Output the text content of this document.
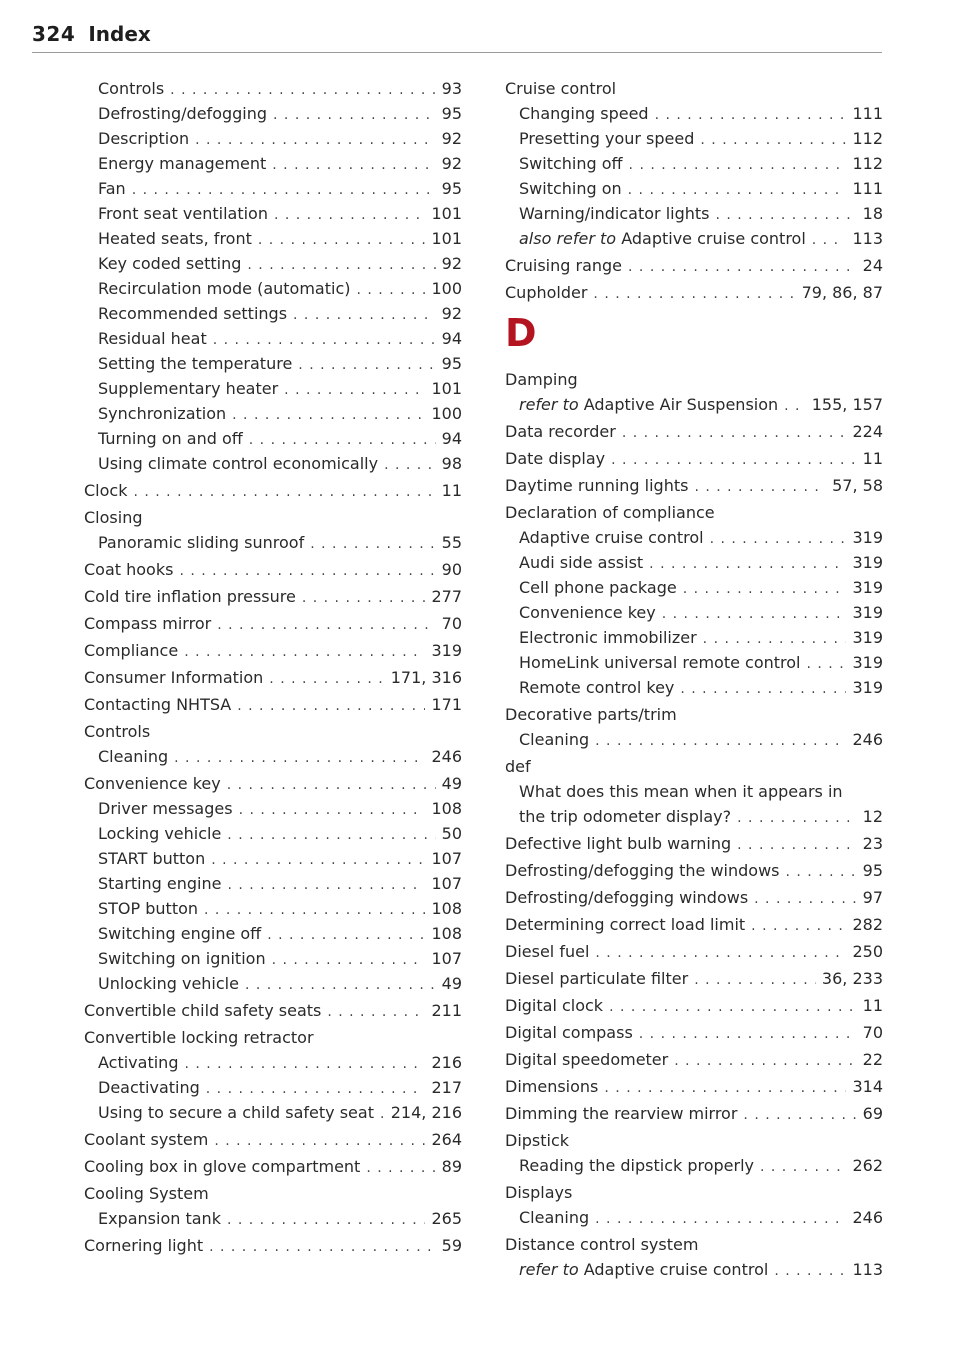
324 Index
Controls . . .	93
Defrosting/defogging . . .	95
Description . . .	92
Energy management . . .	92
Fan . . .	95
Front seat ventilation . . .	101
Heated seats, front . . .	101
Key coded setting . . .	92
Recirculation mode (automatic) . . .	100
Recommended settings . . .	92
Residual heat . . .	94
Setting the temperature . . .	95
Supplementary heater . . .	101
Synchronization . . .	100
Turning on and off . . .	94
Using climate control economically . . .	98
Clock . . .	11
Closing
Panoramic sliding sunroof . . .	55
Coat hooks . . .	90
Cold tire inflation pressure . . .	277
Compass mirror . . .	70
Compliance . . .	319
Consumer Information . . .	171, 316
Contacting NHTSA . . .	171
Controls
Cleaning . . .	246
Convenience key . . .	49
Driver messages . . .	108
Locking vehicle . . .	50
START button . . .	107
Starting engine . . .	107
STOP button . . .	108
Switching engine off . . .	108
Switching on ignition . . .	107
Unlocking vehicle . . .	49
Convertible child safety seats . . .	211
Convertible locking retractor
Activating . . .	216
Deactivating . . .	217
Using to secure a child safety seat . . . 214, 216
Coolant system . . .	264
Cooling box in glove compartment . . .	89
Cooling System
Expansion tank . . .	265
Cornering light . . .	59
Cruise control
Changing speed . . .	111
Presetting your speed . . .	112
Switching off . . .	112
Switching on . . .	111
Warning/indicator lights . . .	18
also refer to Adaptive cruise control . . .	113
Cruising range . . .	24
Cupholder . . .	79, 86, 87
D
Damping
refer to Adaptive Air Suspension . . . 155, 157
Data recorder . . .	224
Date display . . .	11
Daytime running lights . . .	57, 58
Declaration of compliance
Adaptive cruise control . . .	319
Audi side assist . . .	319
Cell phone package . . .	319
Convenience key . . .	319
Electronic immobilizer . . .	319
HomeLink universal remote control . . .	319
Remote control key . . .	319
Decorative parts/trim
Cleaning . . .	246
def
What does this mean when it appears in
the trip odometer display? . . .	12
Defective light bulb warning . . .	23
Defrosting/defogging the windows . . .	95
Defrosting/defogging windows . . .	97
Determining correct load limit . . .	282
Diesel fuel . . .	250
Diesel particulate filter . . .	36, 233
Digital clock . . .	11
Digital compass . . .	70
Digital speedometer . . .	22
Dimensions . . .	314
Dimming the rearview mirror . . .	69
Dipstick
Reading the dipstick properly . . .	262
Displays
Cleaning . . .	246
Distance control system
refer to Adaptive cruise control . . .	113
